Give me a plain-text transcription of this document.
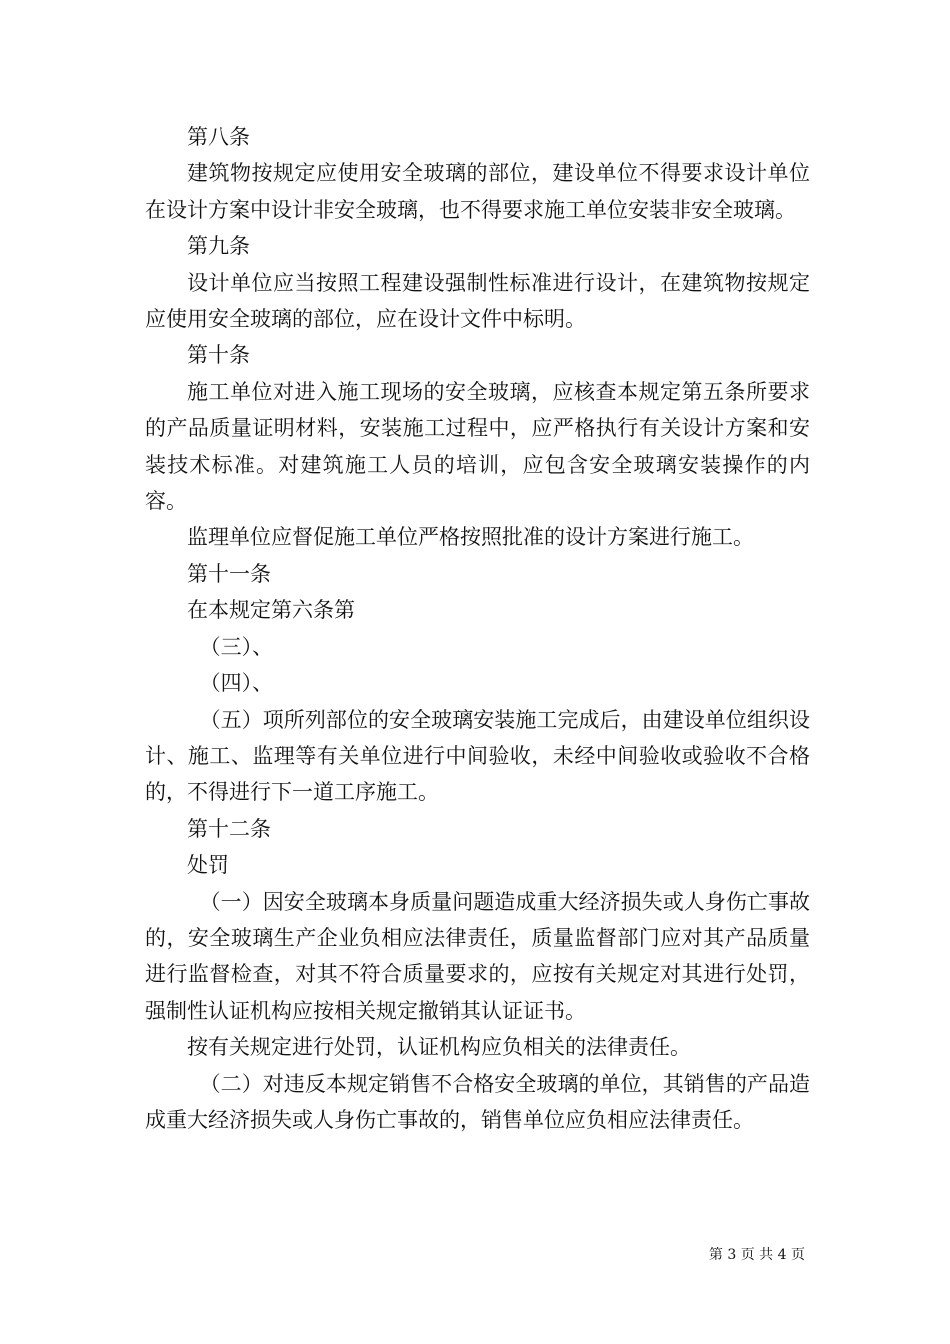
第八条

建筑物按规定应使用安全玻璃的部位，建设单位不得要求设计单位在设计方案中设计非安全玻璃，也不得要求施工单位安装非安全玻璃。

第九条

设计单位应当按照工程建设强制性标准进行设计，在建筑物按规定应使用安全玻璃的部位，应在设计文件中标明。

第十条

施工单位对进入施工现场的安全玻璃，应核查本规定第五条所要求的产品质量证明材料，安装施工过程中，应严格执行有关设计方案和安装技术标准。对建筑施工人员的培训，应包含安全玻璃安装操作的内容。

监理单位应督促施工单位严格按照批准的设计方案进行施工。

第十一条

在本规定第六条第

（三）、

（四）、

（五）项所列部位的安全玻璃安装施工完成后，由建设单位组织设计、施工、监理等有关单位进行中间验收，未经中间验收或验收不合格的，不得进行下一道工序施工。

第十二条

处罚

（一）因安全玻璃本身质量问题造成重大经济损失或人身伤亡事故的，安全玻璃生产企业负相应法律责任，质量监督部门应对其产品质量进行监督检查，对其不符合质量要求的，应按有关规定对其进行处罚，强制性认证机构应按相关规定撤销其认证证书。

按有关规定进行处罚，认证机构应负相关的法律责任。

（二）对违反本规定销售不合格安全玻璃的单位，其销售的产品造成重大经济损失或人身伤亡事故的，销售单位应负相应法律责任。

第 3 页 共 4 页
